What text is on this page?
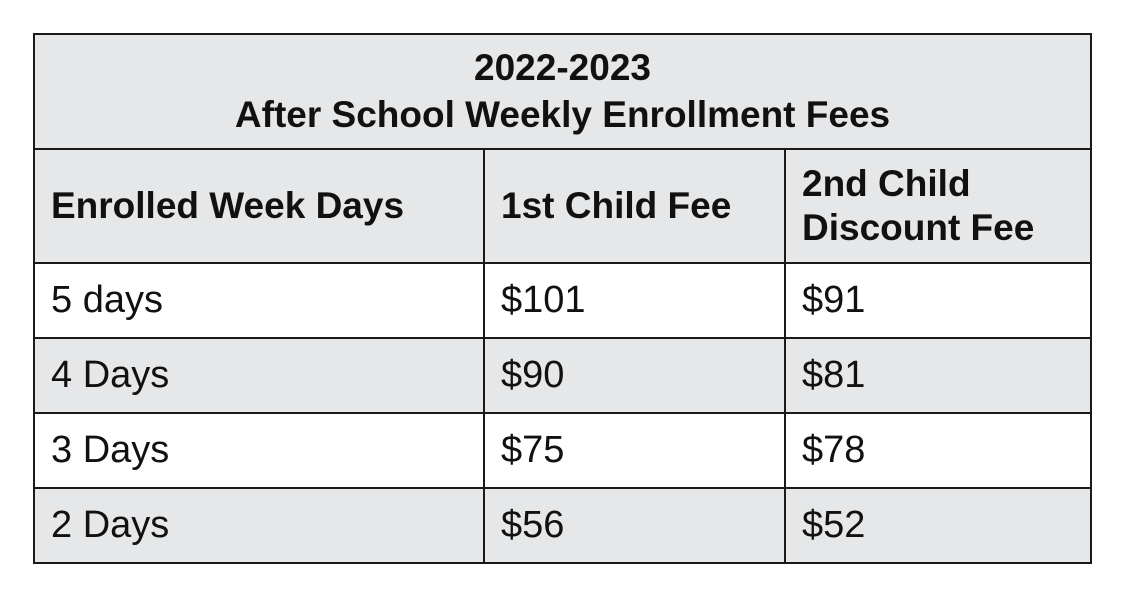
2022-2023
After School Weekly Enrollment Fees		

Enrolled Week Days	1st Child Fee	2nd Child Discount Fee
5 days	$101	$91
4 Days	$90	$81
3 Days	$75	$78
2 Days	$56	$52
